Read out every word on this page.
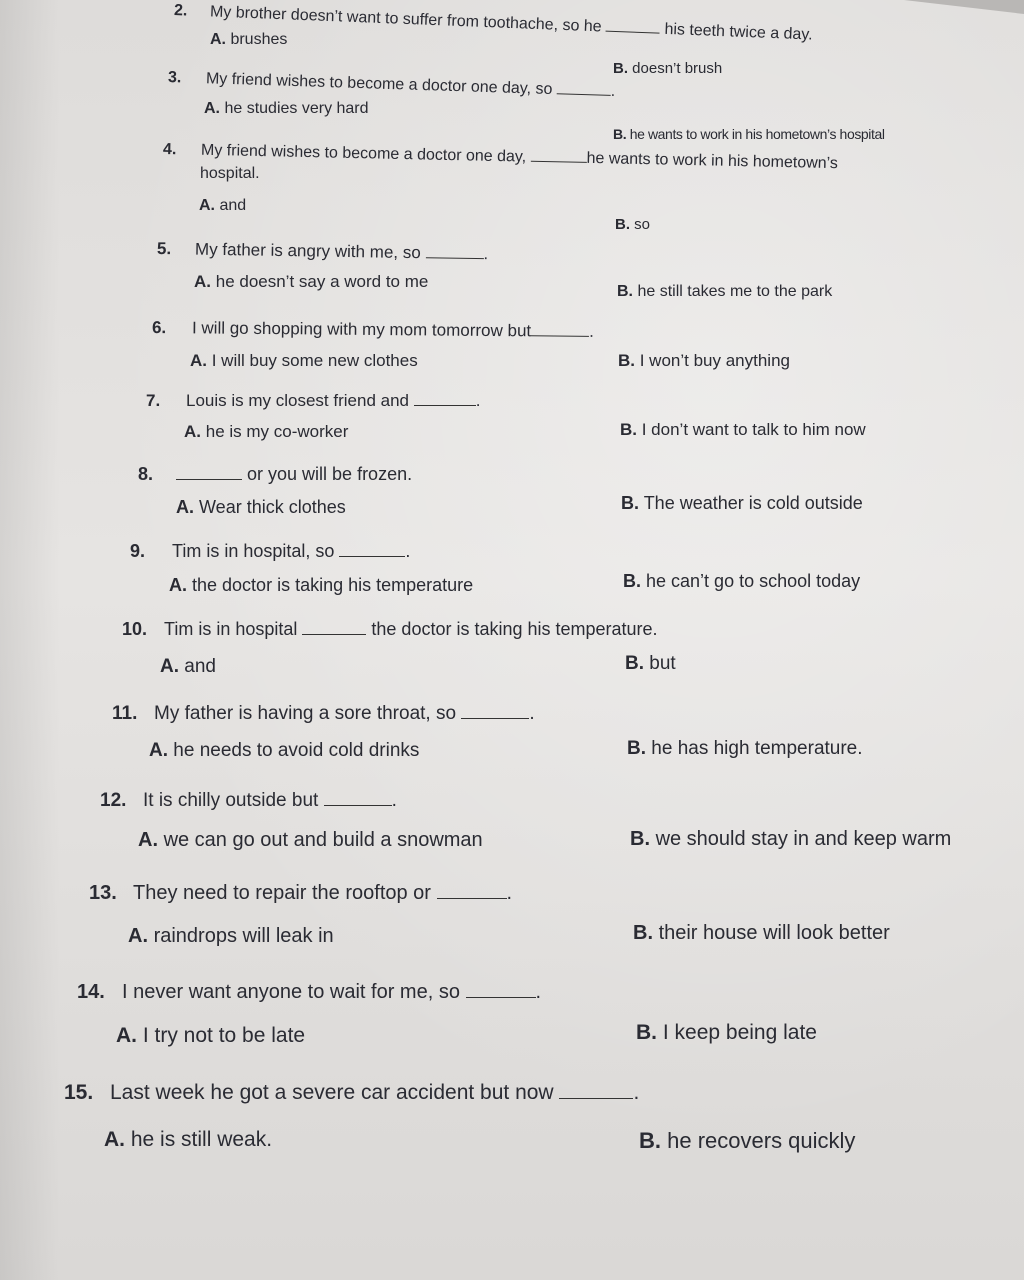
2. My brother doesn’t want to suffer from toothache, so he	his teeth twice a day.
A. brushes
B. doesn’t brush
3. My friend wishes to become a doctor one day, so	.
A. he studies very hard
B. he wants to work in his hometown’s hospital
4. My friend wishes to become a doctor one day,	he wants to work in his hometown’s
hospital.
A. and
B. so
5. My father is angry with me, so	.
A. he doesn’t say a word to me
B. he still takes me to the park
6. I will go shopping with my mom tomorrow but	.
A. I will buy some new clothes	B. I won’t buy anything
7. Louis is my closest friend and	.
A. he is my co-worker	B. I don’t want to talk to him now
8.	or you will be frozen.
A. Wear thick clothes	B. The weather is cold outside
9. Tim is in hospital, so	.
A. the doctor is taking his temperature	B. he can’t go to school today
10. Tim is in hospital	the doctor is taking his temperature.
A. and	B. but
11. My father is having a sore throat, so	.
A. he needs to avoid cold drinks	B. he has high temperature.
12. It is chilly outside but	.
A. we can go out and build a snowman	B. we should stay in and keep warm
13. They need to repair the rooftop or	.
A. raindrops will leak in	B. their house will look better
14. I never want anyone to wait for me, so	.
A. I try not to be late	B. I keep being late
15. Last week he got a severe car accident but now	.
A. he is still weak.	B. he recovers quickly
